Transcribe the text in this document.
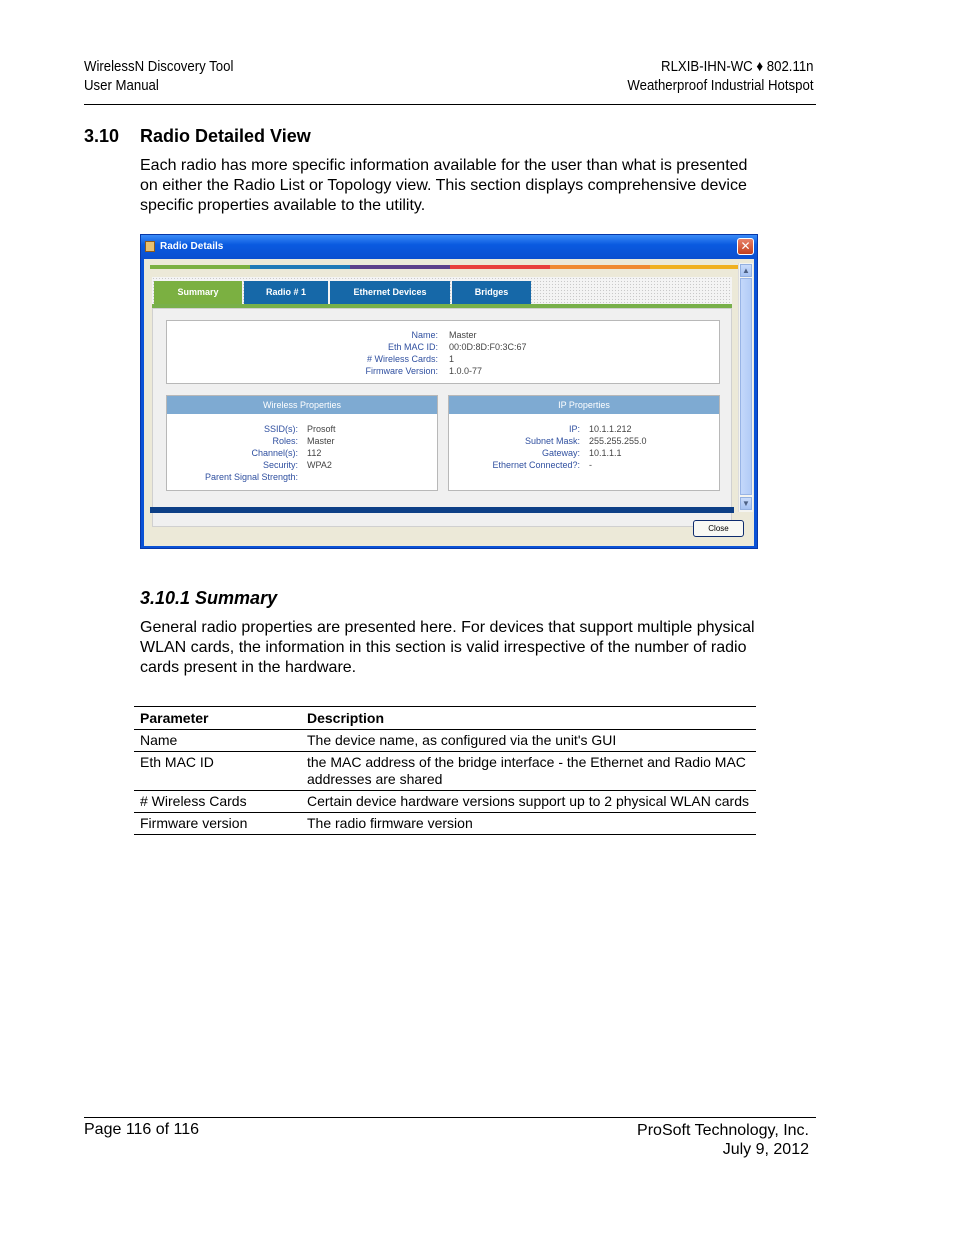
WirelessN Discovery Tool
User Manual
RLXIB-IHN-WC ♦ 802.11n
Weatherproof Industrial Hotspot
3.10 Radio Detailed View
Each radio has more specific information available for the user than what is presented on either the Radio List or Topology view. This section displays comprehensive device specific properties available to the utility.
Radio Details	✕
Summary	Radio # 1	Ethernet Devices	Bridges
Name: Master
Eth MAC ID: 00:0D:8D:F0:3C:67
# Wireless Cards: 1
Firmware Version: 1.0.0-77
Wireless Properties
SSID(s): Prosoft
Roles: Master
Channel(s): 112
Security: WPA2
Parent Signal Strength:
IP Properties
IP: 10.1.1.212
Subnet Mask: 255.255.255.0
Gateway: 10.1.1.1
Ethernet Connected?: -
▲
▼
Close
3.10.1 Summary
General radio properties are presented here. For devices that support multiple physical WLAN cards, the information in this section is valid irrespective of the number of radio cards present in the hardware.
Parameter	Description
Name	The device name, as configured via the unit's GUI
Eth MAC ID	the MAC address of the bridge interface - the Ethernet and Radio MAC addresses are shared
# Wireless Cards	Certain device hardware versions support up to 2 physical WLAN cards
Firmware version	The radio firmware version
Page 116 of 116	ProSoft Technology, Inc.
July 9, 2012
